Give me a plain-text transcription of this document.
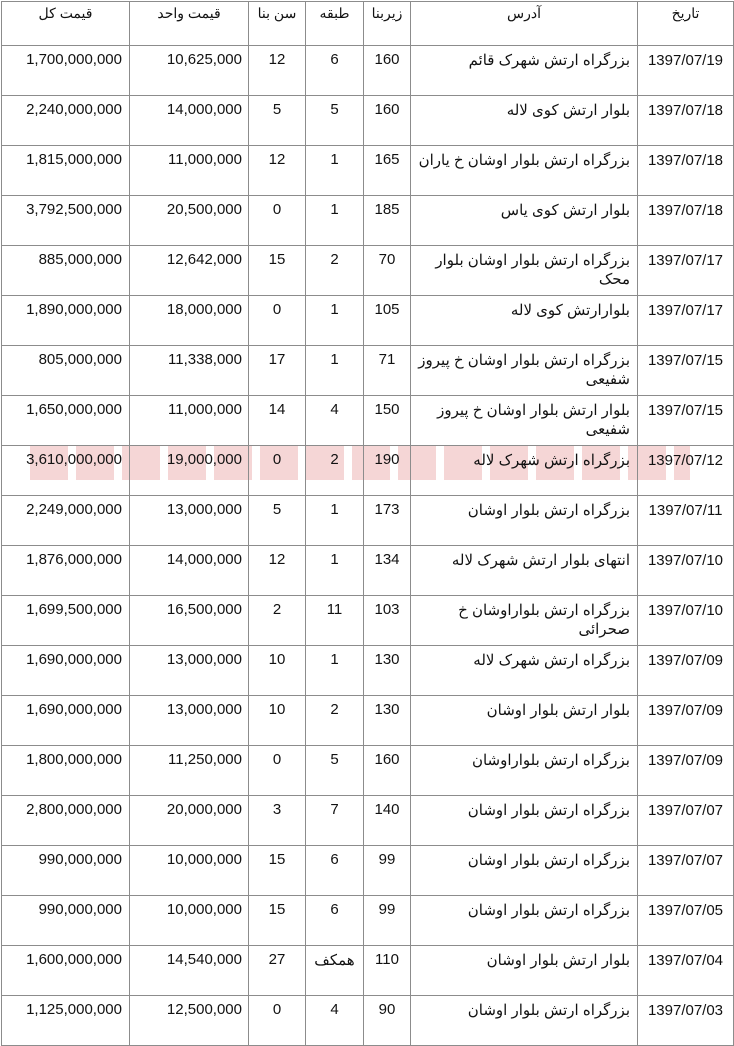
قیمت کل	قیمت واحد	سن بنا	طبقه	زیربنا	آدرس	تاریخ
1,700,000,000	10,625,000	12	6	160	بزرگراه ارتش شهرک قائم	1397/07/19
2,240,000,000	14,000,000	5	5	160	بلوار ارتش کوی لاله	1397/07/18
1,815,000,000	11,000,000	12	1	165	بزرگراه ارتش بلوار اوشان خ یاران	1397/07/18
3,792,500,000	20,500,000	0	1	185	بلوار ارتش کوی یاس	1397/07/18
885,000,000	12,642,000	15	2	70	بزرگراه ارتش بلوار اوشان بلوار محک	1397/07/17
1,890,000,000	18,000,000	0	1	105	بلوارارتش کوی لاله	1397/07/17
805,000,000	11,338,000	17	1	71	بزرگراه ارتش بلوار اوشان خ پیروز شفیعی	1397/07/15
1,650,000,000	11,000,000	14	4	150	بلوار ارتش بلوار اوشان خ پیروز شفیعی	1397/07/15
3,610,000,000	19,000,000	0	2	190	بزرگراه ارتش شهرک لاله	1397/07/12
2,249,000,000	13,000,000	5	1	173	بزرگراه ارتش بلوار اوشان	1397/07/11
1,876,000,000	14,000,000	12	1	134	انتهای بلوار ارتش شهرک لاله	1397/07/10
1,699,500,000	16,500,000	2	11	103	بزرگراه ارتش بلواراوشان خ صحرائی	1397/07/10
1,690,000,000	13,000,000	10	1	130	بزرگراه ارتش شهرک لاله	1397/07/09
1,690,000,000	13,000,000	10	2	130	بلوار ارتش بلوار اوشان	1397/07/09
1,800,000,000	11,250,000	0	5	160	بزرگراه ارتش بلواراوشان	1397/07/09
2,800,000,000	20,000,000	3	7	140	بزرگراه ارتش بلوار اوشان	1397/07/07
990,000,000	10,000,000	15	6	99	بزرگراه ارتش بلوار اوشان	1397/07/07
990,000,000	10,000,000	15	6	99	بزرگراه ارتش بلوار اوشان	1397/07/05
1,600,000,000	14,540,000	27	همکف	110	بلوار ارتش بلوار اوشان	1397/07/04
1,125,000,000	12,500,000	0	4	90	بزرگراه ارتش بلوار اوشان	1397/07/03
